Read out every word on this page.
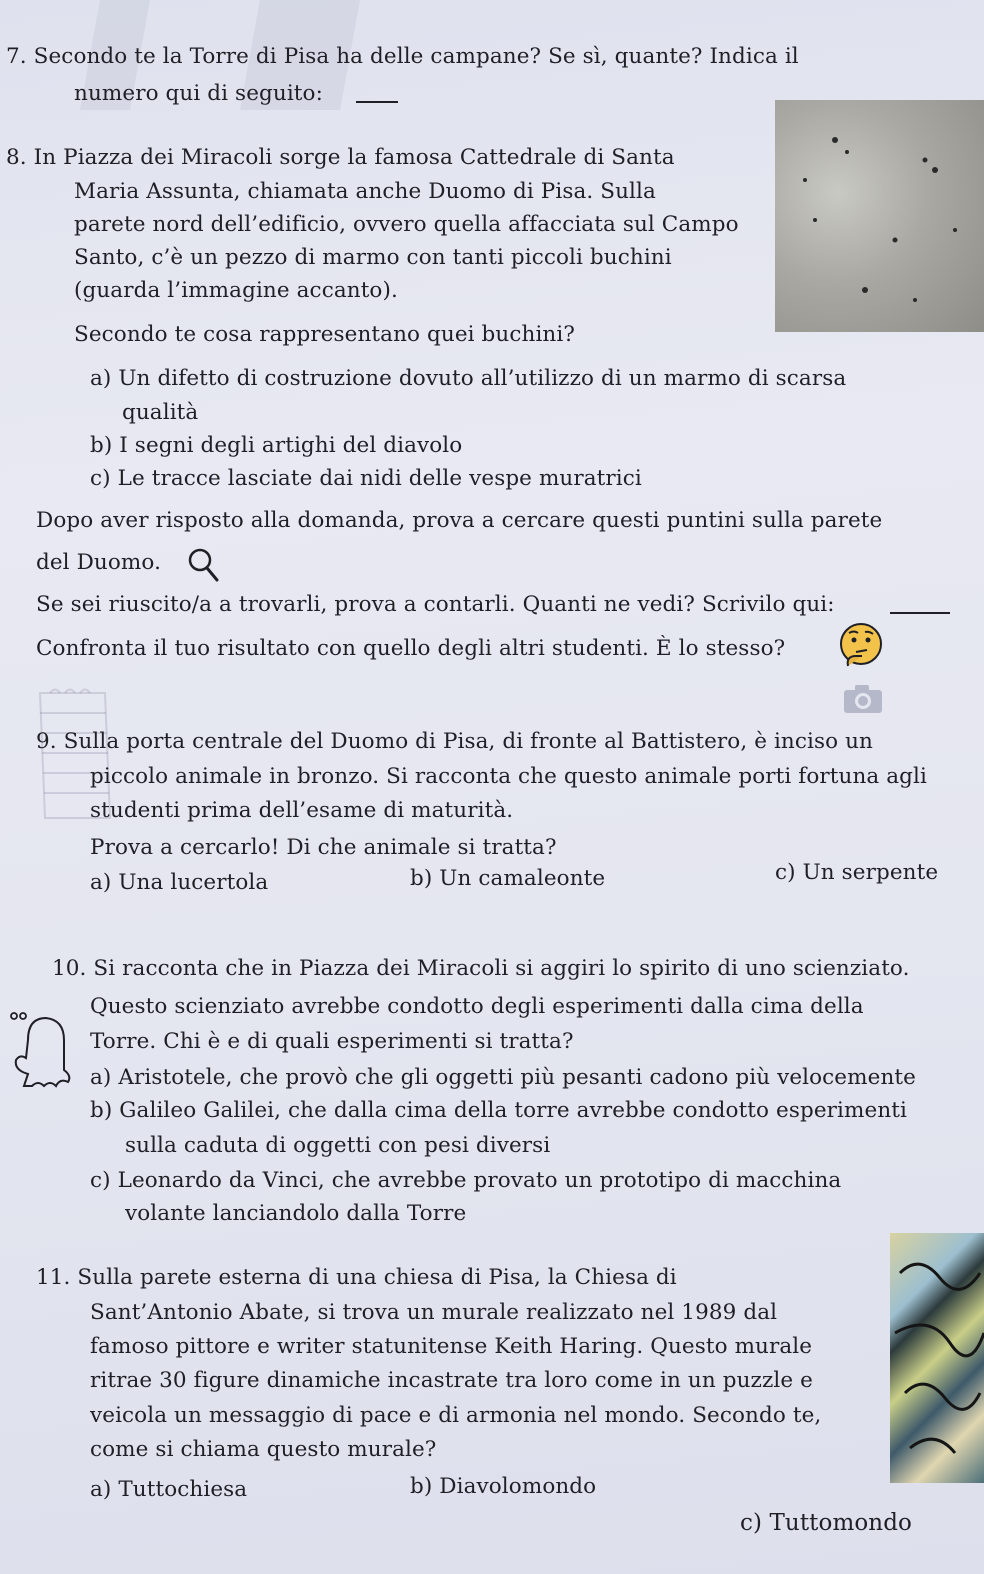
7. Secondo te la Torre di Pisa ha delle campane? Se sì, quante? Indica il
numero qui di seguito:
8. In Piazza dei Miracoli sorge la famosa Cattedrale di Santa
Maria Assunta, chiamata anche Duomo di Pisa. Sulla
parete nord dell’edificio, ovvero quella affacciata sul Campo
Santo, c’è un pezzo di marmo con tanti piccoli buchini
(guarda l’immagine accanto).
Secondo te cosa rappresentano quei buchini?
a) Un difetto di costruzione dovuto all’utilizzo di un marmo di scarsa
qualità
b) I segni degli artighi del diavolo
c) Le tracce lasciate dai nidi delle vespe muratrici
Dopo aver risposto alla domanda, prova a cercare questi puntini sulla parete
del Duomo.
Se sei riuscito/a a trovarli, prova a contarli. Quanti ne vedi? Scrivilo qui:
Confronta il tuo risultato con quello degli altri studenti. È lo stesso?
9. Sulla porta centrale del Duomo di Pisa, di fronte al Battistero, è inciso un
piccolo animale in bronzo. Si racconta che questo animale porti fortuna agli
studenti prima dell’esame di maturità.
Prova a cercarlo! Di che animale si tratta?
a) Una lucertola	b) Un camaleonte	c) Un serpente
10. Si racconta che in Piazza dei Miracoli si aggiri lo spirito di uno scienziato.
Questo scienziato avrebbe condotto degli esperimenti dalla cima della
Torre. Chi è e di quali esperimenti si tratta?
a) Aristotele, che provò che gli oggetti più pesanti cadono più velocemente
b) Galileo Galilei, che dalla cima della torre avrebbe condotto esperimenti
sulla caduta di oggetti con pesi diversi
c) Leonardo da Vinci, che avrebbe provato un prototipo di macchina
volante lanciandolo dalla Torre
11. Sulla parete esterna di una chiesa di Pisa, la Chiesa di
Sant’Antonio Abate, si trova un murale realizzato nel 1989 dal
famoso pittore e writer statunitense Keith Haring. Questo murale
ritrae 30 figure dinamiche incastrate tra loro come in un puzzle e
veicola un messaggio di pace e di armonia nel mondo. Secondo te,
come si chiama questo murale?
a) Tuttochiesa	b) Diavolomondo
c) Tuttomondo
